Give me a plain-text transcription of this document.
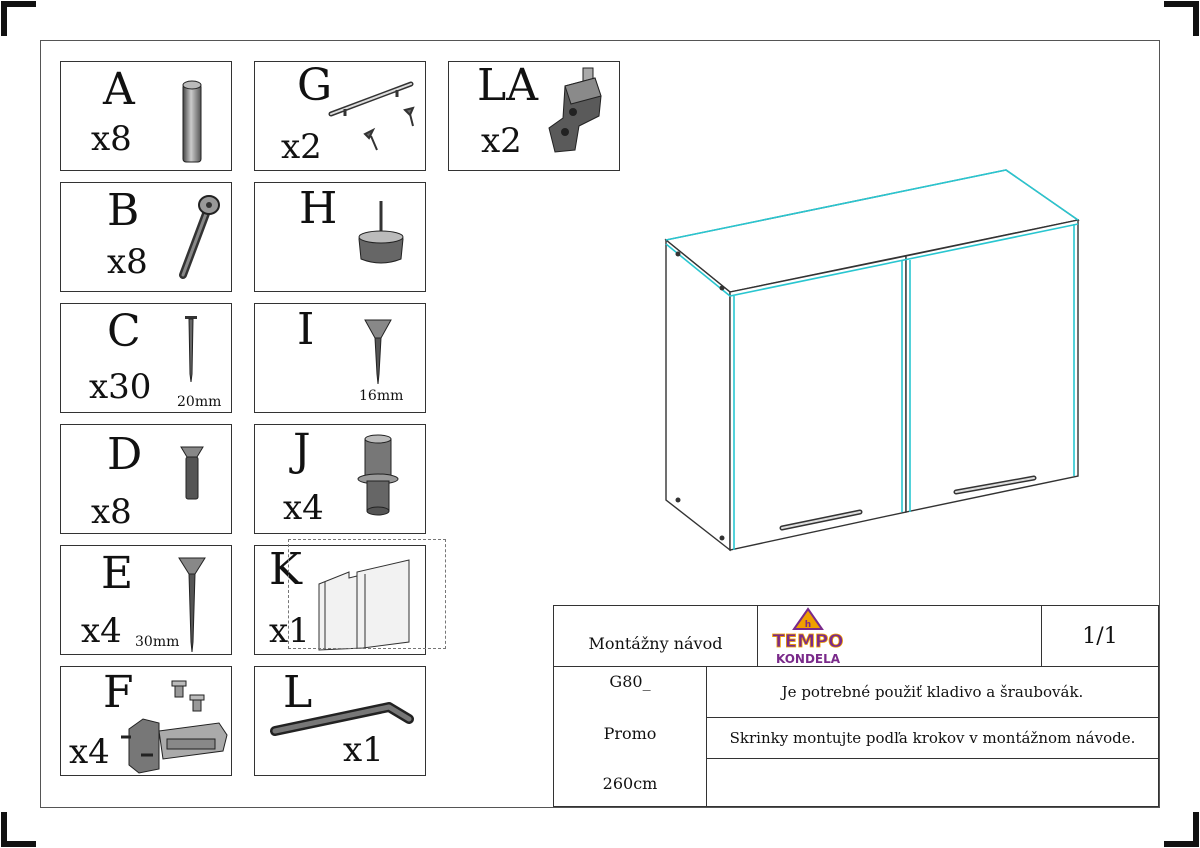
A
x8
G
x2
LA
x2
B
x8
H
C
x30 20mm
I
16mm
D
x8
J
x4
E
x4 30mm
K
x1
F
x4
L
x1
Montážny návod
h
TEMPO
KONDELA
1/1
G80_
Promo
260cm
Je potrebné použiť kladivo a šraubovák.
Skrinky montujte podľa krokov v montážnom návode.
